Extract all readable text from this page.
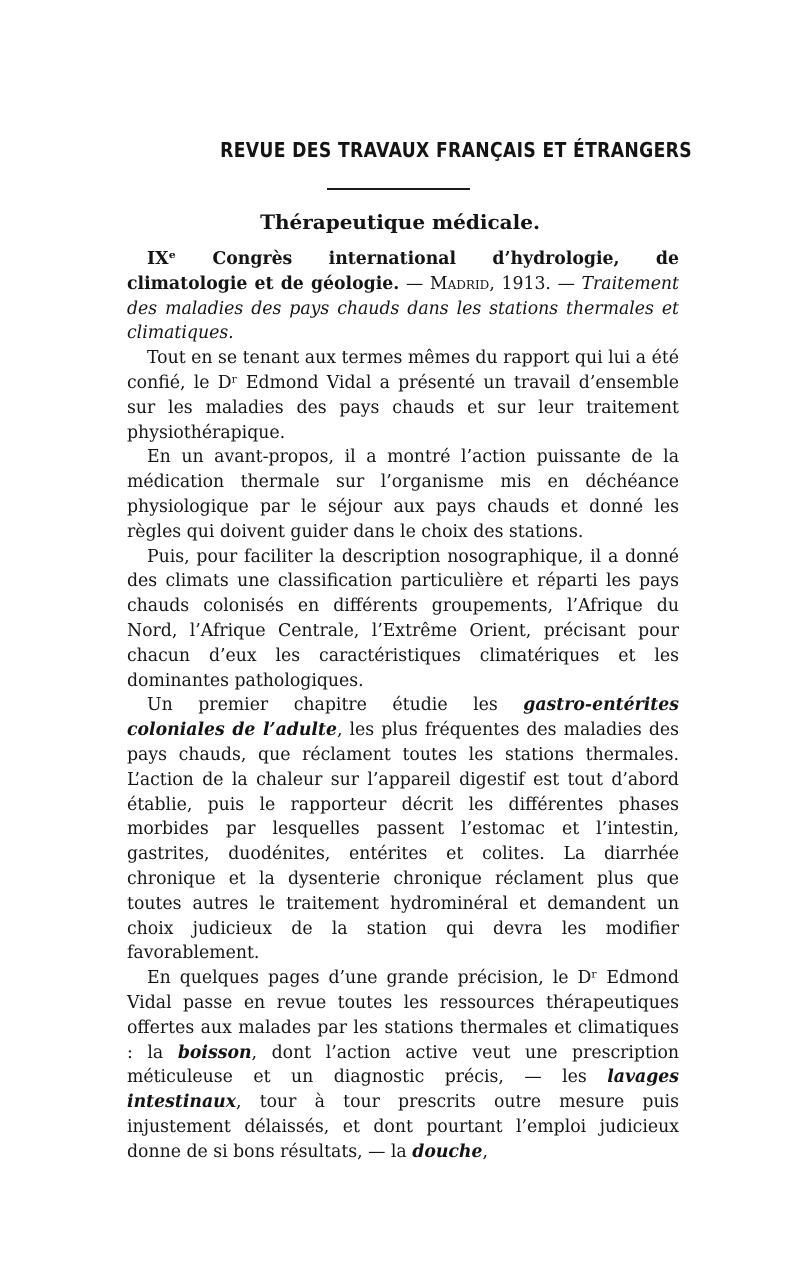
REVUE DES TRAVAUX FRANÇAIS ET ÉTRANGERS
Thérapeutique médicale.

IXᵉ Congrès international d’hydrologie, de climatologie et de géologie. — Madrid, 1913. — Traitement des maladies des pays chauds dans les stations thermales et climatiques.

Tout en se tenant aux termes mêmes du rapport qui lui a été confié, le Dʳ Edmond Vidal a présenté un travail d’ensemble sur les maladies des pays chauds et sur leur traitement physiothérapique.

En un avant-propos, il a montré l’action puissante de la médication thermale sur l’organisme mis en déchéance physiologique par le séjour aux pays chauds et donné les règles qui doivent guider dans le choix des stations.

Puis, pour faciliter la description nosographique, il a donné des climats une classification particulière et réparti les pays chauds colonisés en différents groupements, l’Afrique du Nord, l’Afrique Centrale, l’Extrême Orient, précisant pour chacun d’eux les caractéristiques climatériques et les dominantes pathologiques.

Un premier chapitre étudie les gastro-entérites coloniales de l’adulte, les plus fréquentes des maladies des pays chauds, que réclament toutes les stations thermales. L’action de la chaleur sur l’appareil digestif est tout d’abord établie, puis le rapporteur décrit les différentes phases morbides par lesquelles passent l’estomac et l’intestin, gastrites, duodénites, entérites et colites. La diarrhée chronique et la dysenterie chronique réclament plus que toutes autres le traitement hydrominéral et demandent un choix judicieux de la station qui devra les modifier favorablement.

En quelques pages d’une grande précision, le Dʳ Edmond Vidal passe en revue toutes les ressources thérapeutiques offertes aux malades par les stations thermales et climatiques : la boisson, dont l’action active veut une prescription méticuleuse et un diagnostic précis, — les lavages intestinaux, tour à tour prescrits outre mesure puis injustement délaissés, et dont pourtant l’emploi judicieux donne de si bons résultats, — la douche,
